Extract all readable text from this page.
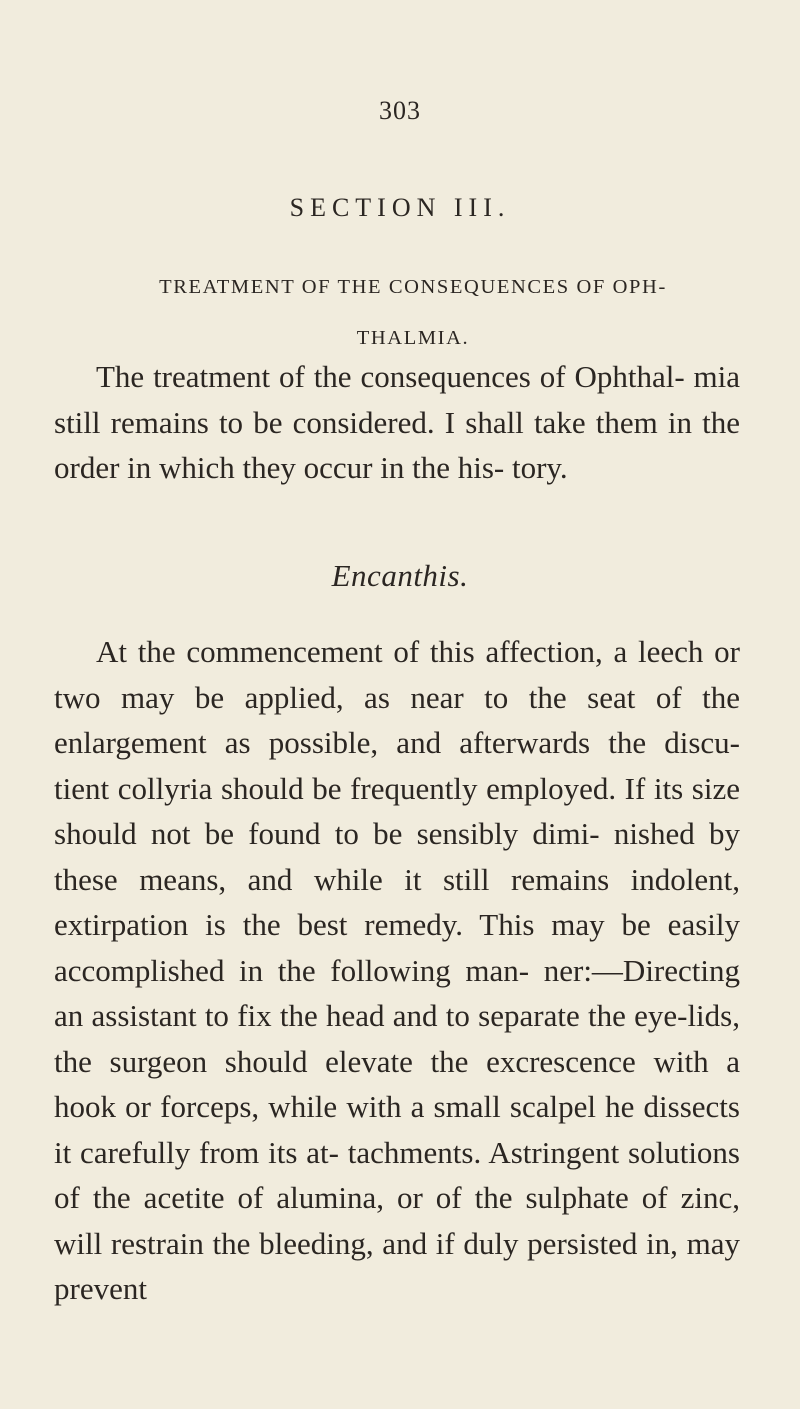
303
SECTION III.
TREATMENT OF THE CONSEQUENCES OF OPH- THALMIA.
The treatment of the consequences of Ophthal- mia still remains to be considered. I shall take them in the order in which they occur in the his- tory.
Encanthis.
At the commencement of this affection, a leech or two may be applied, as near to the seat of the enlargement as possible, and afterwards the discu- tient collyria should be frequently employed. If its size should not be found to be sensibly dimi- nished by these means, and while it still remains indolent, extirpation is the best remedy. This may be easily accomplished in the following man- ner:—Directing an assistant to fix the head and to separate the eye-lids, the surgeon should elevate the excrescence with a hook or forceps, while with a small scalpel he dissects it carefully from its at- tachments. Astringent solutions of the acetite of alumina, or of the sulphate of zinc, will restrain the bleeding, and if duly persisted in, may prevent
